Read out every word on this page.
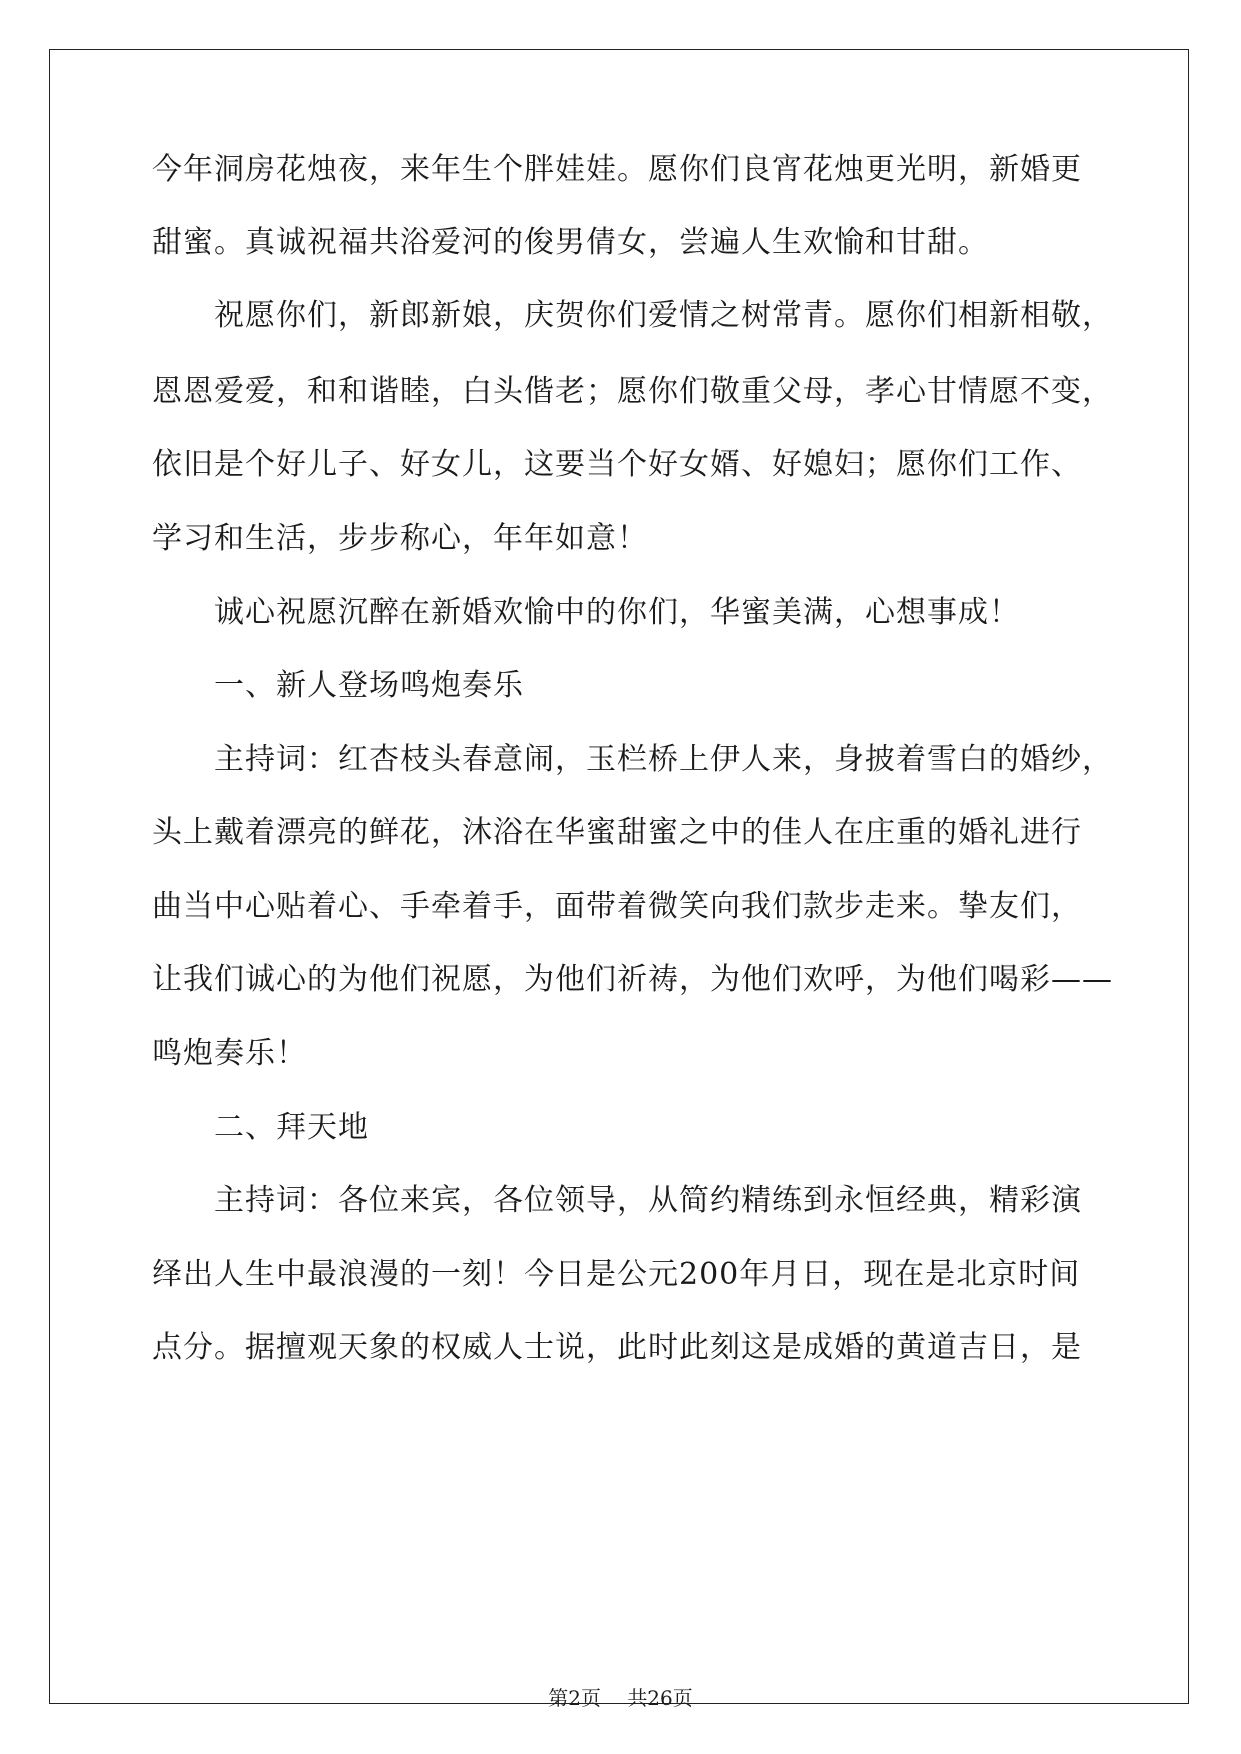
今年洞房花烛夜，来年生个胖娃娃。愿你们良宵花烛更光明，新婚更
甜蜜。真诚祝福共浴爱河的俊男倩女，尝遍人生欢愉和甘甜。
祝愿你们，新郎新娘，庆贺你们爱情之树常青。愿你们相新相敬，
恩恩爱爱，和和谐睦，白头偕老；愿你们敬重父母，孝心甘情愿不变，
依旧是个好儿子、好女儿，这要当个好女婿、好媳妇；愿你们工作、
学习和生活，步步称心，年年如意！
诚心祝愿沉醉在新婚欢愉中的你们，华蜜美满，心想事成！
一、新人登场鸣炮奏乐
主持词：红杏枝头春意闹，玉栏桥上伊人来，身披着雪白的婚纱，
头上戴着漂亮的鲜花，沐浴在华蜜甜蜜之中的佳人在庄重的婚礼进行
曲当中心贴着心、手牵着手，面带着微笑向我们款步走来。挚友们，
让我们诚心的为他们祝愿，为他们祈祷，为他们欢呼，为他们喝彩——
鸣炮奏乐！
二、拜天地
主持词：各位来宾，各位领导，从简约精练到永恒经典，精彩演
绎出人生中最浪漫的一刻！今日是公元200年月日，现在是北京时间
点分。据擅观天象的权威人士说，此时此刻这是成婚的黄道吉日，是
第2页 共26页
